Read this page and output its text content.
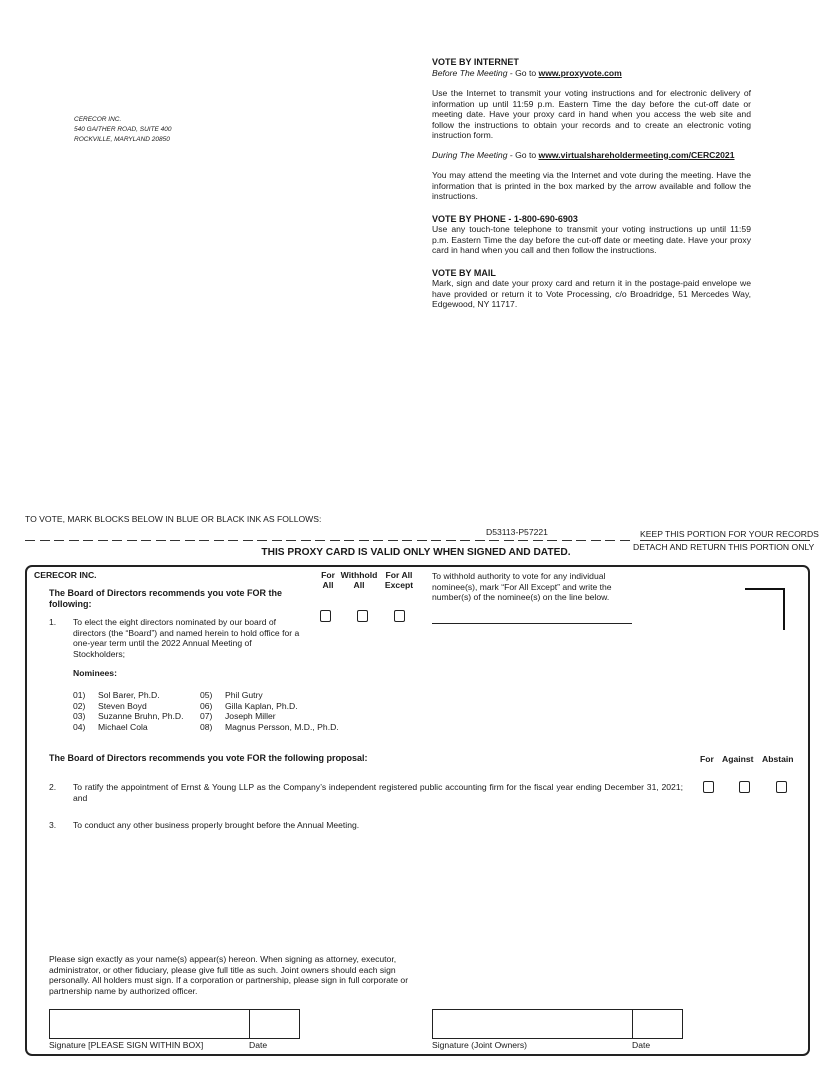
CERECOR INC.
540 GAITHER ROAD, SUITE 400
ROCKVILLE, MARYLAND 20850
VOTE BY INTERNET
Before The Meeting - Go to www.proxyvote.com
Use the Internet to transmit your voting instructions and for electronic delivery of information up until 11:59 p.m. Eastern Time the day before the cut-off date or meeting date. Have your proxy card in hand when you access the web site and follow the instructions to obtain your records and to create an electronic voting instruction form.
During The Meeting - Go to www.virtualshareholdermeeting.com/CERC2021
You may attend the meeting via the Internet and vote during the meeting. Have the information that is printed in the box marked by the arrow available and follow the instructions.
VOTE BY PHONE - 1-800-690-6903
Use any touch-tone telephone to transmit your voting instructions up until 11:59 p.m. Eastern Time the day before the cut-off date or meeting date. Have your proxy card in hand when you call and then follow the instructions.
VOTE BY MAIL
Mark, sign and date your proxy card and return it in the postage-paid envelope we have provided or return it to Vote Processing, c/o Broadridge, 51 Mercedes Way, Edgewood, NY 11717.
TO VOTE, MARK BLOCKS BELOW IN BLUE OR BLACK INK AS FOLLOWS:
D53113-P57221	KEEP THIS PORTION FOR YOUR RECORDS
DETACH AND RETURN THIS PORTION ONLY
THIS PROXY CARD IS VALID ONLY WHEN SIGNED AND DATED.
CERECOR INC.
The Board of Directors recommends you vote FOR the following:
For
All
Withhold
All
For All
Except
To withhold authority to vote for any individual nominee(s), mark “For All Except” and write the number(s) of the nominee(s) on the line below.
1. To elect the eight directors nominated by our board of directors (the “Board”) and named herein to hold office for a one-year term until the 2022 Annual Meeting of Stockholders;
Nominees:
01) Sol Barer, Ph.D.
02) Steven Boyd
03) Suzanne Bruhn, Ph.D.
04) Michael Cola
05) Phil Gutry
06) Gilla Kaplan, Ph.D.
07) Joseph Miller
08) Magnus Persson, M.D., Ph.D.
The Board of Directors recommends you vote FOR the following proposal:	For Against Abstain
2. To ratify the appointment of Ernst & Young LLP as the Company’s independent registered public accounting firm for the fiscal year ending December 31, 2021; and
3. To conduct any other business properly brought before the Annual Meeting.
Please sign exactly as your name(s) appear(s) hereon. When signing as attorney, executor, administrator, or other fiduciary, please give full title as such. Joint owners should each sign personally. All holders must sign. If a corporation or partnership, please sign in full corporate or partnership name by authorized officer.
Signature [PLEASE SIGN WITHIN BOX]	Date	Signature (Joint Owners)	Date
